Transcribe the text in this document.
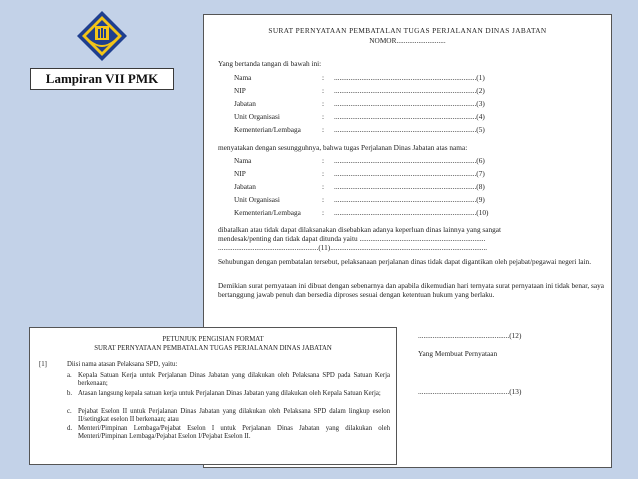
Lampiran VII PMK
SURAT PERNYATAAN PEMBATALAN TUGAS PERJALANAN DINAS JABATAN
NOMOR...........................
Yang bertanda tangan di bawah ini:
Nama	: ..............................................................................(1)
NIP	: ..............................................................................(2)
Jabatan	: ..............................................................................(3)
Unit Organisasi	: ..............................................................................(4)
Kementerian/Lembaga	: ..............................................................................(5)
menyatakan dengan sesungguhnya, bahwa tugas Perjalanan Dinas Jabatan atas nama:
Nama	: ..............................................................................(6)
NIP	: ..............................................................................(7)
Jabatan	: ..............................................................................(8)
Unit Organisasi	: ..............................................................................(9)
Kementerian/Lembaga	: ..............................................................................(10)
dibatalkan atau tidak dapat dilaksanakan disebabkan adanya keperluan dinas lainnya yang sangat
mendesak/penting dan tidak dapat ditunda yaitu .....................................................................
.......................................................(11)......................................................................................
Sehubungan dengan pembatalan tersebut, pelaksanaan perjalanan dinas tidak dapat digantikan oleh pejabat/pegawai negeri lain.
Demikian surat pernyataan ini dibuat dengan sebenarnya dan apabila dikemudian hari ternyata surat pernyataan ini tidak benar, saya bertanggung jawab penuh dan bersedia diproses sesuai dengan ketentuan hukum yang berlaku.
..................................................(12)
Yang Membuat Pernyataan
..................................................(13)
PETUNJUK PENGISIAN FORMAT
SURAT PERNYATAAN PEMBATALAN TUGAS PERJALANAN DINAS JABATAN
[1]	Diisi nama atasan Pelaksana SPD, yaitu:
a. Kepala Satuan Kerja untuk Perjalanan Dinas Jabatan yang dilakukan oleh Pelaksana SPD pada Satuan Kerja berkenaan;
b. Atasan langsung kepala satuan kerja untuk Perjalanan Dinas Jabatan yang dilakukan oleh Kepala Satuan Kerja;
c. Pejabat Eselon II untuk Perjalanan Dinas Jabatan yang dilakukan oleh Pelaksana SPD dalam lingkup eselon II/setingkat eselon II berkenaan; atau
d. Menteri/Pimpinan Lembaga/Pejabat Eselon I untuk Perjalanan Dinas Jabatan yang dilakukan oleh Menteri/Pimpinan Lembaga/Pejabat Eselon I/Pejabat Eselon II.
